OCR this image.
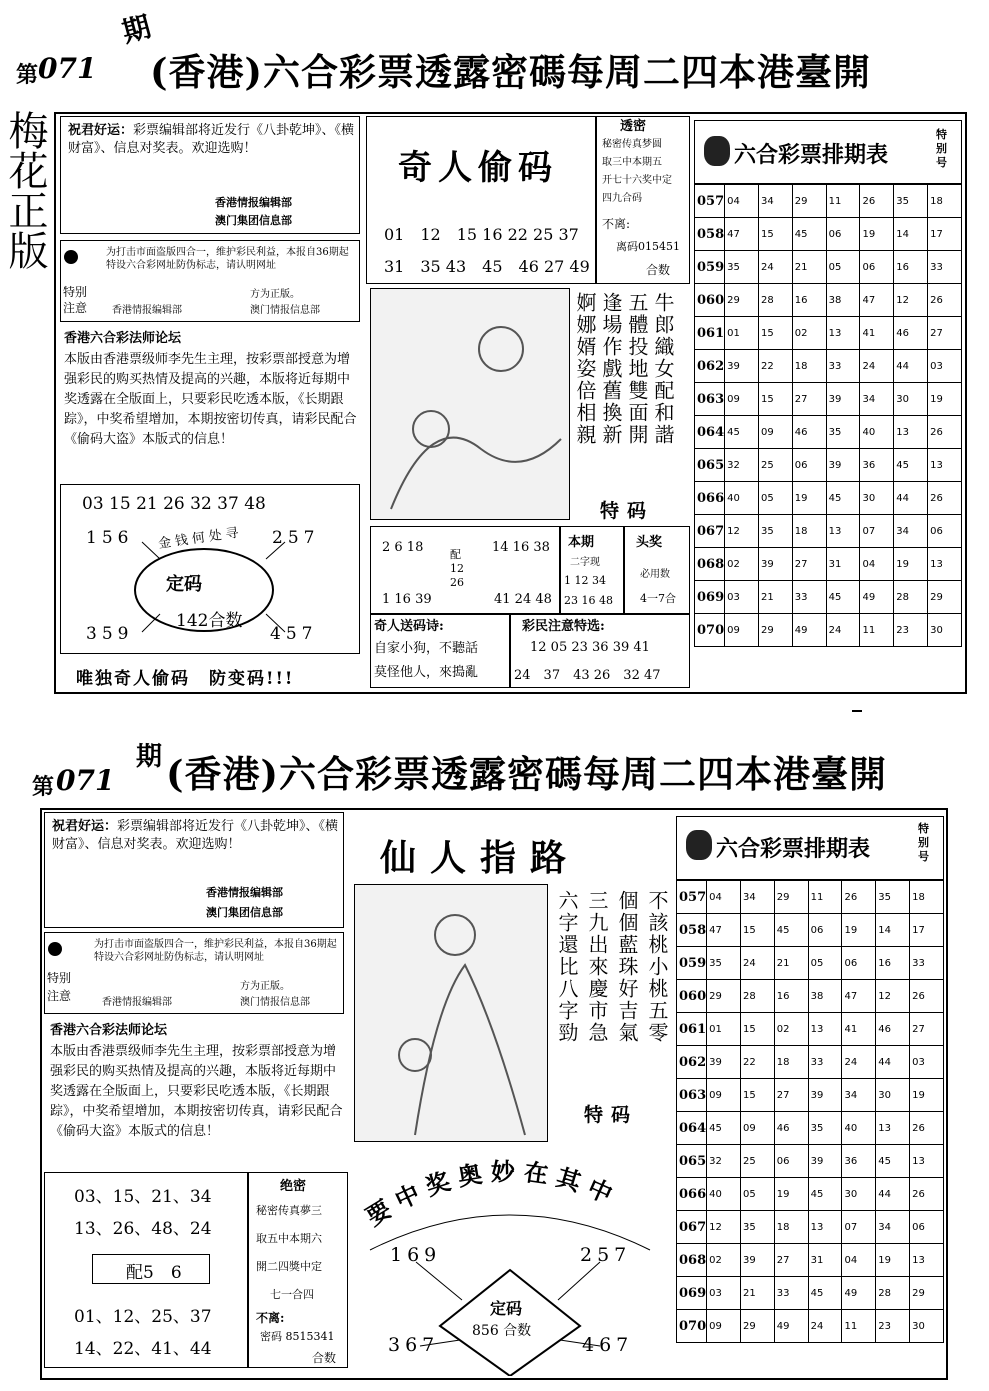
第 071
期
(香港)六合彩票透露密碼每周二四本港臺開
梅花正版 祝君好运：彩票编辑部将近发行《八卦乾坤》、《横财富》、信息对奖表。欢迎选购！
香港情报编辑部
澳门集团信息部
特别
注意
为打击市面盗版四合一，维护彩民利益，本报自36期起特设六合彩网址防伪标志，请认明网址
方为正版。
香港情报编辑部	澳门情报信息部
香港六合彩法师论坛
本版由香港票级师李先生主理，按彩票部授意为增强彩民的购买热情及提高的兴趣，本版将近每期中奖透露在全版面上，只要彩民吃透本版，《长期跟踪》，中奖希望增加，本期按密切传真，请彩民配合《偷码大盗》本版式的信息！
03 15 21 26 32 37 48
156	257
金钱何处寻
定码
142合数
359	457
唯独奇人偷码　防变码!!!
奇人偷码
01　12　15 16 22 25 37
31　35 43　45　46 27 49
透密
秘密传真梦圆
取三中本期五
开七十六奖中定
四九合码
不离:
离码015451
合数
牛郎織女配和諧
五體投地雙面開
逢場作戲舊換新
婀娜婿姿倍相親
特码
2 6 18
1 16 39
配
12
26
14 16 38
41 24 48
本期
二字现
1 12 34
23 16 48
头奖
必用数
4一7合
奇人送码诗:
自家小狗，不聽話
莫怪他人，來搗亂
彩民注意特选:
12 05 23 36 39 41
24　37　43 26　32 47
六合彩票排期表
特别号
057	04	34	29	11	26	35	18
058	47	15	45	06	19	14	17
059	35	24	21	05	06	16	33
060	29	28	16	38	47	12	26
061	01	15	02	13	41	46	27
062	39	22	18	33	24	44	03
063	09	15	27	39	34	30	19
064	45	09	46	35	40	13	26
065	32	25	06	39	36	45	13
066	40	05	19	45	30	44	26
067	12	35	18	13	07	34	06
068	02	39	27	31	04	19	13
069	03	21	33	45	49	28	29
070	09	29	49	24	11	23	30
第 071
期 (香港)六合彩票透露密碼每周二四本港臺開
祝君好运：彩票编辑部将近发行《八卦乾坤》、《横财富》、信息对奖表。欢迎选购！
香港情报编辑部
澳门集团信息部
特别
注意
为打击市面盗版四合一，维护彩民利益，本报自36期起特设六合彩网址防伪标志，请认明网址
方为正版。
香港情报编辑部	澳门情报信息部
香港六合彩法师论坛
本版由香港票级师李先生主理，按彩票部授意为增强彩民的购买热情及提高的兴趣，本版将近每期中奖透露在全版面上，只要彩民吃透本版，《长期跟踪》，中奖希望增加，本期按密切传真，请彩民配合《偷码大盗》本版式的信息！
03、15、21、34
13、26、48、24
配5　6
01、12、25、37
14、22、41、44
绝密
秘密传真夢三
取五中本期六
開二四獎中定
七一合四
不离:
密码 8515341
合数
仙人指路
不該桃小桃五零
個個藍珠好吉氣
三九出來慶市急
六字還比八字勁
特码
要中奖奥妙在其中
169	257
定码
856 合数
367	467
六合彩票排期表
特别号
057	04	34	29	11	26	35	18
058	47	15	45	06	19	14	17
059	35	24	21	05	06	16	33
060	29	28	16	38	47	12	26
061	01	15	02	13	41	46	27
062	39	22	18	33	24	44	03
063	09	15	27	39	34	30	19
064	45	09	46	35	40	13	26
065	32	25	06	39	36	45	13
066	40	05	19	45	30	44	26
067	12	35	18	13	07	34	06
068	02	39	27	31	04	19	13
069	03	21	33	45	49	28	29
070	09	29	49	24	11	23	30
